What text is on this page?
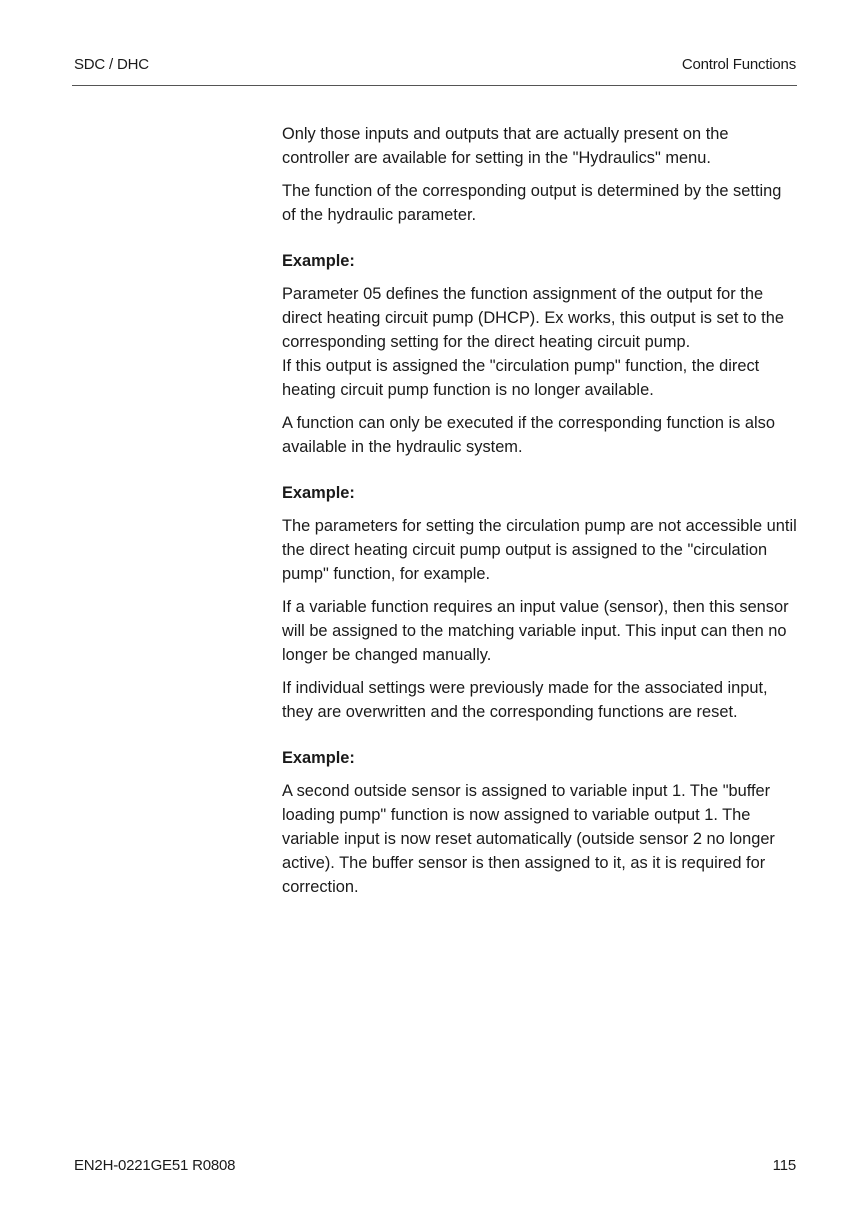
SDC / DHC	Control Functions

Only those inputs and outputs that are actually present on the controller are available for setting in the "Hydraulics" menu.

The function of the corresponding output is determined by the setting of the hydraulic parameter.

Example:

Parameter 05 defines the function assignment of the output for the direct heating circuit pump (DHCP). Ex works, this output is set to the corresponding setting for the direct heating circuit pump.
If this output is assigned the "circulation pump" function, the direct heating circuit pump function is no longer available.

A function can only be executed if the corresponding function is also available in the hydraulic system.

Example:

The parameters for setting the circulation pump are not accessible until the direct heating circuit pump output is assigned to the "circulation pump" function, for example.

If a variable function requires an input value (sensor), then this sensor will be assigned to the matching variable input. This input can then no longer be changed manually.

If individual settings were previously made for the associated input, they are overwritten and the corresponding functions are reset.

Example:

A second outside sensor is assigned to variable input 1. The "buffer loading pump" function is now assigned to variable output 1. The variable input is now reset automatically (outside sensor 2 no longer active). The buffer sensor is then assigned to it, as it is required for correction.

EN2H-0221GE51 R0808	115
